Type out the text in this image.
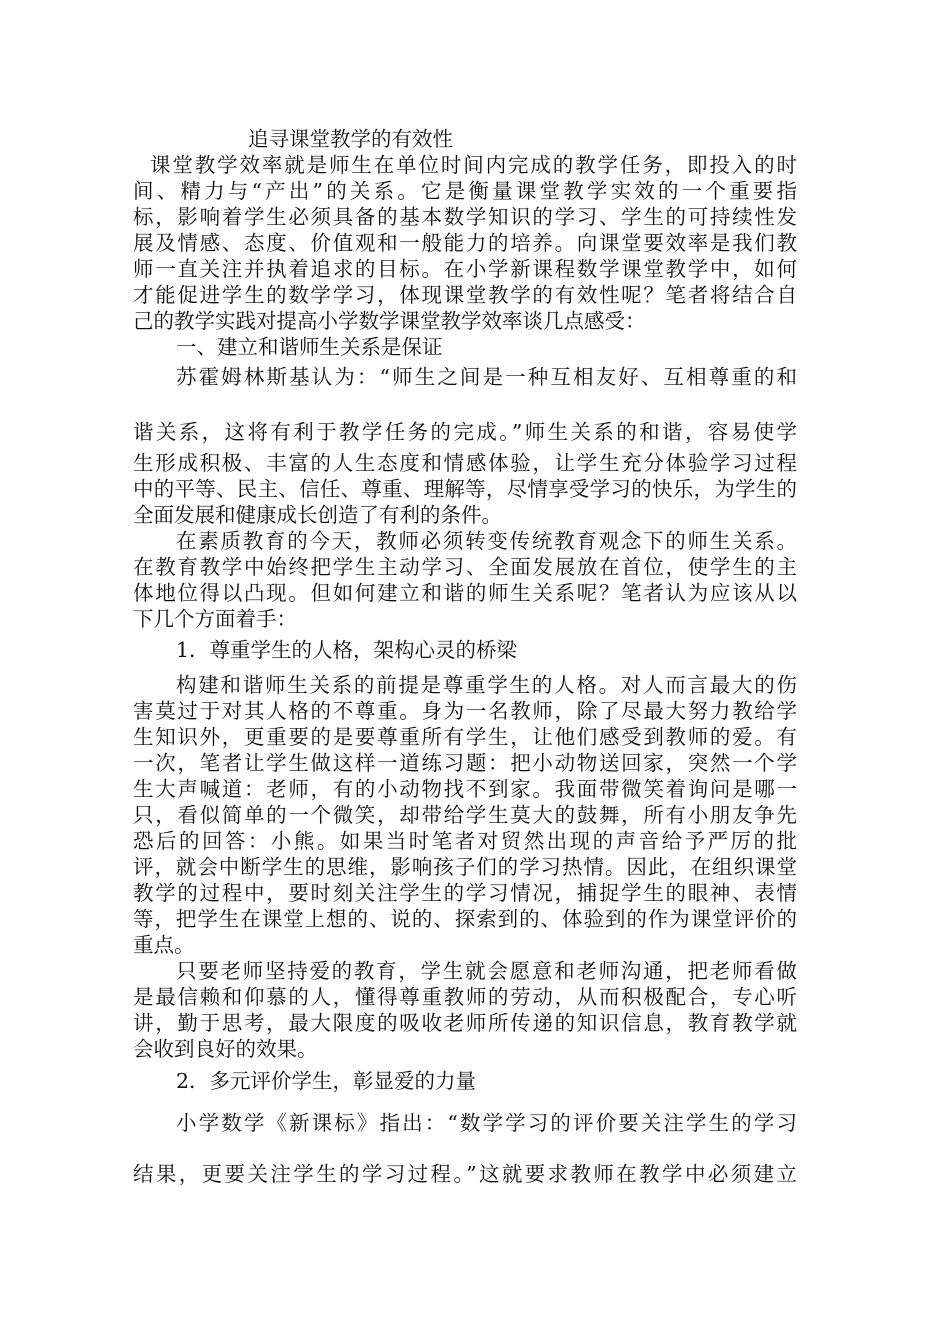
追寻课堂教学的有效性
课堂教学效率就是师生在单位时间内完成的教学任务，即投入的时
间、精力与“产出”的关系。它是衡量课堂教学实效的一个重要指
标，影响着学生必须具备的基本数学知识的学习、学生的可持续性发
展及情感、态度、价值观和一般能力的培养。向课堂要效率是我们教
师一直关注并执着追求的目标。在小学新课程数学课堂教学中，如何
才能促进学生的数学学习，体现课堂教学的有效性呢？笔者将结合自
己的教学实践对提高小学数学课堂教学效率谈几点感受：
一、建立和谐师生关系是保证
苏霍姆林斯基认为：“师生之间是一种互相友好、互相尊重的和
谐关系，这将有利于教学任务的完成。”师生关系的和谐，容易使学
生形成积极、丰富的人生态度和情感体验，让学生充分体验学习过程
中的平等、民主、信任、尊重、理解等，尽情享受学习的快乐，为学生的
全面发展和健康成长创造了有利的条件。
在素质教育的今天，教师必须转变传统教育观念下的师生关系。
在教育教学中始终把学生主动学习、全面发展放在首位，使学生的主
体地位得以凸现。但如何建立和谐的师生关系呢？笔者认为应该从以
下几个方面着手：
1．尊重学生的人格，架构心灵的桥梁
构建和谐师生关系的前提是尊重学生的人格。对人而言最大的伤
害莫过于对其人格的不尊重。身为一名教师，除了尽最大努力教给学
生知识外，更重要的是要尊重所有学生，让他们感受到教师的爱。有
一次，笔者让学生做这样一道练习题：把小动物送回家，突然一个学
生大声喊道：老师，有的小动物找不到家。我面带微笑着询问是哪一
只，看似简单的一个微笑，却带给学生莫大的鼓舞，所有小朋友争先
恐后的回答：小熊。如果当时笔者对贸然出现的声音给予严厉的批
评，就会中断学生的思维，影响孩子们的学习热情。因此，在组织课堂
教学的过程中，要时刻关注学生的学习情况，捕捉学生的眼神、表情
等，把学生在课堂上想的、说的、探索到的、体验到的作为课堂评价的
重点。
只要老师坚持爱的教育，学生就会愿意和老师沟通，把老师看做
是最信赖和仰慕的人，懂得尊重教师的劳动，从而积极配合，专心听
讲，勤于思考，最大限度的吸收老师所传递的知识信息，教育教学就
会收到良好的效果。
2．多元评价学生，彰显爱的力量
小学数学《新课标》指出：“数学学习的评价要关注学生的学习
结果，更要关注学生的学习过程。”这就要求教师在教学中必须建立
